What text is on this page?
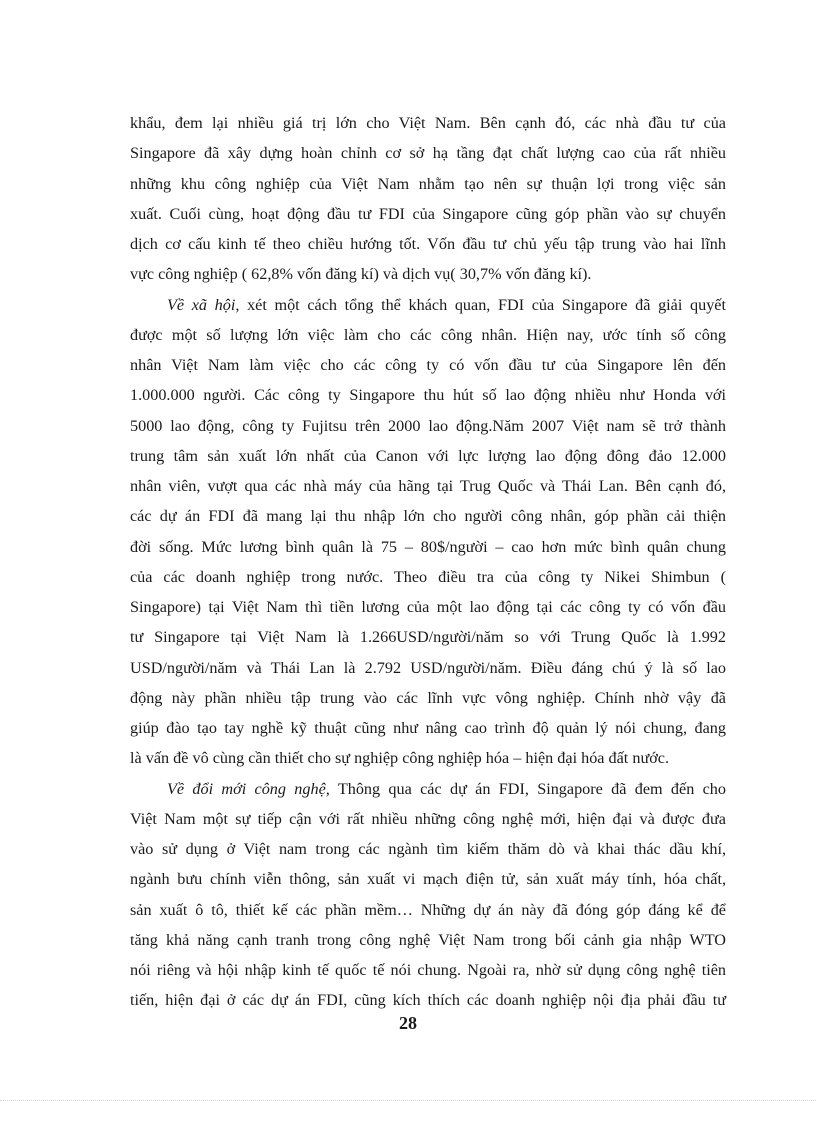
khẩu, đem lại nhiều giá trị lớn cho Việt Nam. Bên cạnh đó, các nhà đầu tư của
Singapore đã xây dựng hoàn chỉnh cơ sở hạ tầng đạt chất lượng cao của rất nhiều
những khu công nghiệp của Việt Nam nhằm tạo nên sự thuận lợi trong việc sản
xuất. Cuối cùng, hoạt động đầu tư FDI của Singapore cũng góp phần vào sự chuyển
dịch cơ cấu kinh tế theo chiều hướng tốt. Vốn đầu tư chủ yếu tập trung vào hai lĩnh
vực công nghiệp ( 62,8% vốn đăng kí) và dịch vụ( 30,7% vốn đăng kí).
Về xã hội, xét một cách tổng thể khách quan, FDI của Singapore đã giải quyết
được một số lượng lớn việc làm cho các công nhân. Hiện nay, ước tính số công
nhân Việt Nam làm việc cho các công ty có vốn đầu tư của Singapore lên đến
1.000.000 người. Các công ty Singapore thu hút số lao động nhiều như Honda với
5000 lao động, công ty Fujitsu trên 2000 lao động.Năm 2007 Việt nam sẽ trở thành
trung tâm sản xuất lớn nhất của Canon với lực lượng lao động đông đảo 12.000
nhân viên, vượt qua các nhà máy của hãng tại Trug Quốc và Thái Lan. Bên cạnh đó,
các dự án FDI đã mang lại thu nhập lớn cho người công nhân, góp phần cải thiện
đời sống. Mức lương bình quân là 75 – 80$/người – cao hơn mức bình quân chung
của các doanh nghiệp trong nước. Theo điều tra của công ty Nikei Shimbun (
Singapore) tại Việt Nam thì tiền lương của một lao động tại các công ty có vốn đầu
tư Singapore tại Việt Nam là 1.266USD/người/năm so với Trung Quốc là 1.992
USD/người/năm và Thái Lan là 2.792 USD/người/năm. Điều đáng chú ý là số lao
động này phần nhiều tập trung vào các lĩnh vực vông nghiệp. Chính nhờ vậy đã
giúp đào tạo tay nghề kỹ thuật cũng như nâng cao trình độ quản lý nói chung, đang
là vấn đề vô cùng cần thiết cho sự nghiệp công nghiệp hóa – hiện đại hóa đất nước.
Về đổi mới công nghệ, Thông qua các dự án FDI, Singapore đã đem đến cho
Việt Nam một sự tiếp cận với rất nhiều những công nghệ mới, hiện đại và được đưa
vào sử dụng ở Việt nam trong các ngành tìm kiếm thăm dò và khai thác dầu khí,
ngành bưu chính viễn thông, sản xuất vi mạch điện tử, sản xuất máy tính, hóa chất,
sản xuất ô tô, thiết kế các phần mềm… Những dự án này đã đóng góp đáng kể để
tăng khả năng cạnh tranh trong công nghệ Việt Nam trong bối cảnh gia nhập WTO
nói riêng và hội nhập kinh tế quốc tế nói chung. Ngoài ra, nhờ sử dụng công nghệ tiên
tiến, hiện đại ở các dự án FDI, cũng kích thích các doanh nghiệp nội địa phải đầu tư
28
